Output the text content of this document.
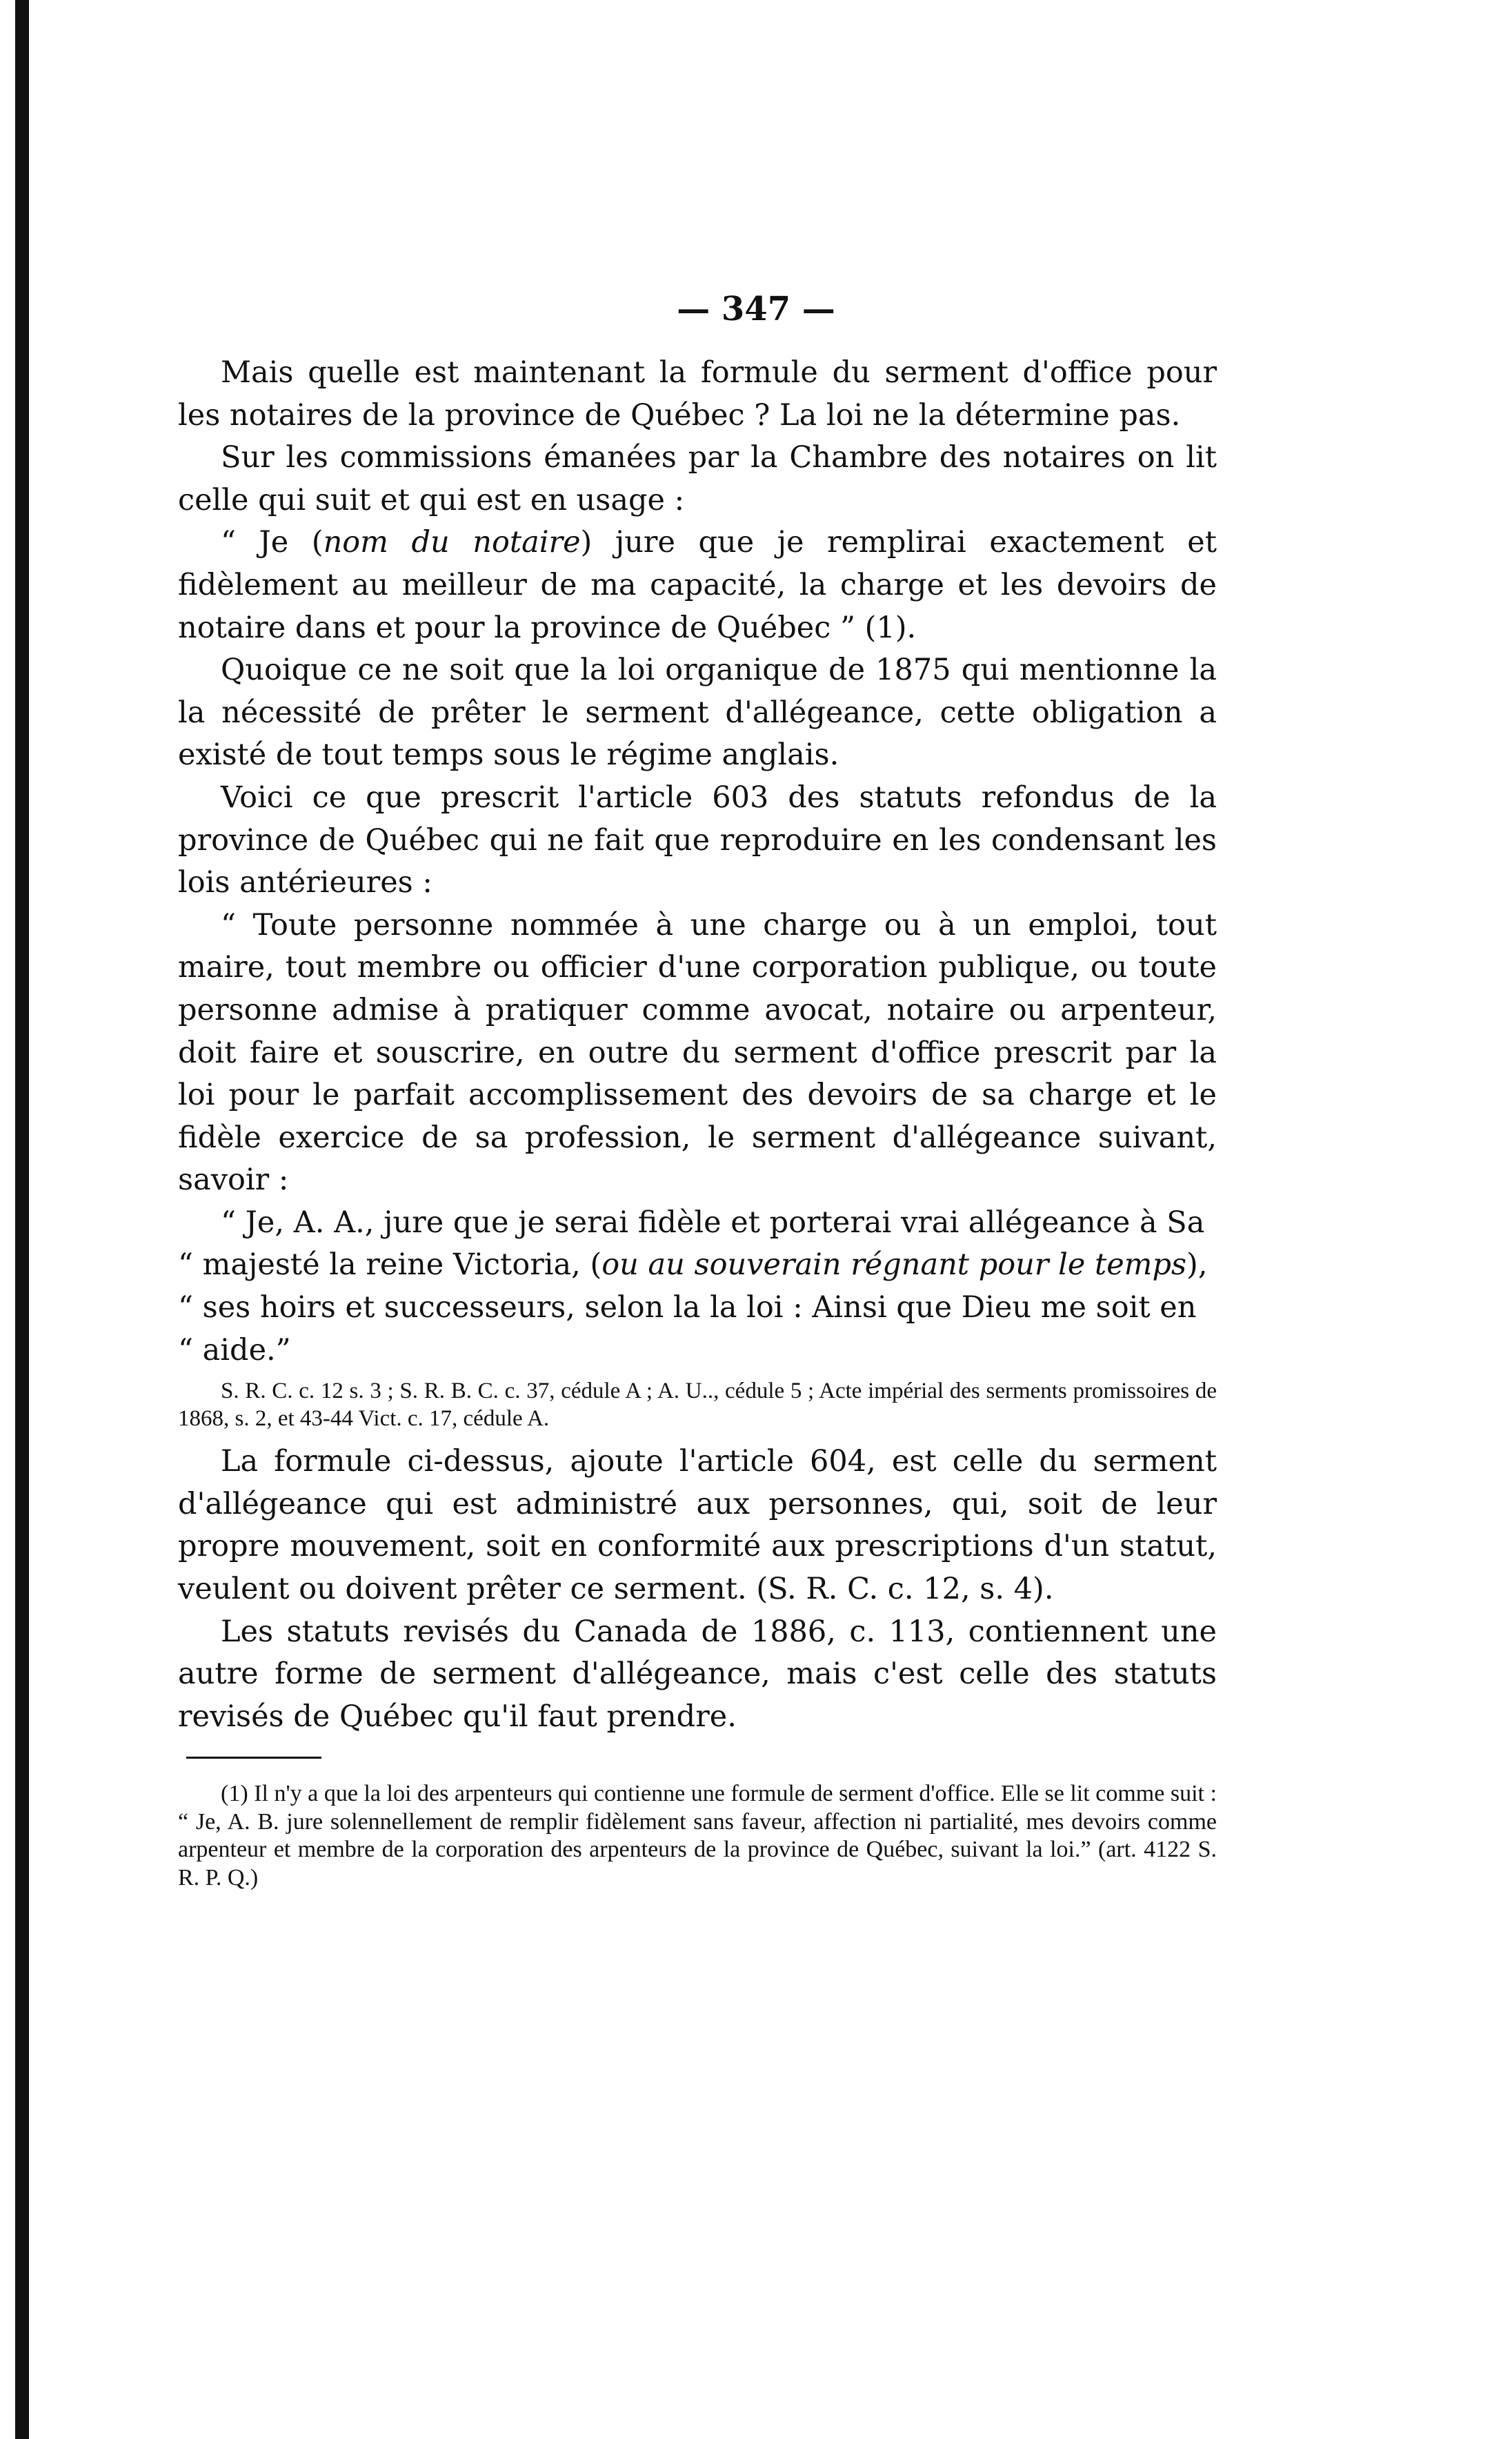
— 347 —

Mais quelle est maintenant la formule du serment d'office pour les notaires de la province de Québec ? La loi ne la détermine pas.

Sur les commissions émanées par la Chambre des notaires on lit celle qui suit et qui est en usage :

“ Je (nom du notaire) jure que je remplirai exactement et fidèlement au meilleur de ma capacité, la charge et les devoirs de notaire dans et pour la province de Québec ” (1).

Quoique ce ne soit que la loi organique de 1875 qui mentionne la la nécessité de prêter le serment d'allégeance, cette obligation a existé de tout temps sous le régime anglais.

Voici ce que prescrit l'article 603 des statuts refondus de la province de Québec qui ne fait que reproduire en les condensant les lois antérieures :

“ Toute personne nommée à une charge ou à un emploi, tout maire, tout membre ou officier d'une corporation publique, ou toute personne admise à pratiquer comme avocat, notaire ou arpenteur, doit faire et souscrire, en outre du serment d'office prescrit par la loi pour le parfait accomplissement des devoirs de sa charge et le fidèle exercice de sa profession, le serment d'allégeance suivant, savoir :

“ Je, A. A., jure que je serai fidèle et porterai vrai allégeance à Sa

“ majesté la reine Victoria, (ou au souverain régnant pour le temps),

“ ses hoirs et successeurs, selon la la loi : Ainsi que Dieu me soit en

“ aide.”

S. R. C. c. 12 s. 3 ; S. R. B. C. c. 37, cédule A ; A. U.., cédule 5 ; Acte impérial des serments promissoires de 1868, s. 2, et 43-44 Vict. c. 17, cédule A.

La formule ci-dessus, ajoute l'article 604, est celle du serment d'allégeance qui est administré aux personnes, qui, soit de leur propre mouvement, soit en conformité aux prescriptions d'un statut, veulent ou doivent prêter ce serment. (S. R. C. c. 12, s. 4).

Les statuts revisés du Canada de 1886, c. 113, contiennent une autre forme de serment d'allégeance, mais c'est celle des statuts revisés de Québec qu'il faut prendre.

(1) Il n'y a que la loi des arpenteurs qui contienne une formule de serment d'office. Elle se lit comme suit : “ Je, A. B. jure solennellement de remplir fidèlement sans faveur, affection ni partialité, mes devoirs comme arpenteur et membre de la corporation des arpenteurs de la province de Québec, suivant la loi.” (art. 4122 S. R. P. Q.)
